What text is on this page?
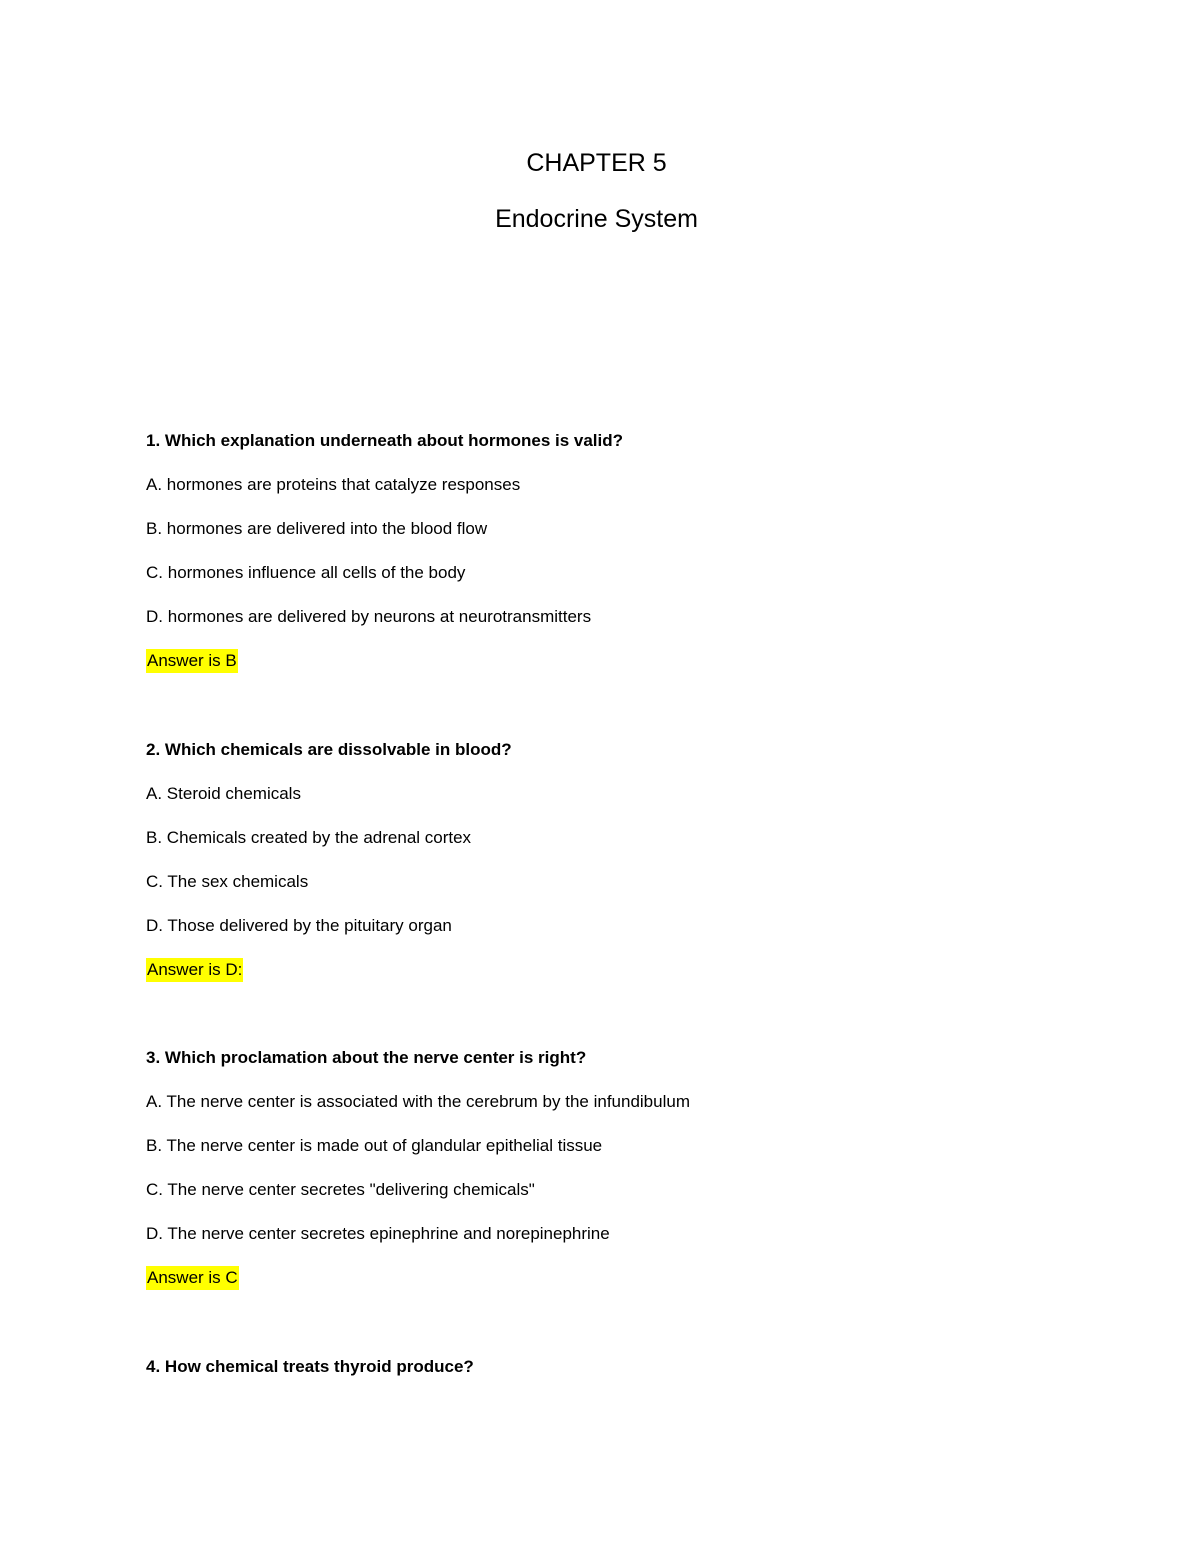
CHAPTER 5
Endocrine System
1. Which explanation underneath about hormones is valid?
A. hormones are proteins that catalyze responses
B. hormones are delivered into the blood flow
C. hormones influence all cells of the body
D. hormones are delivered by neurons at neurotransmitters
Answer is B
2. Which chemicals are dissolvable in blood?
A. Steroid chemicals
B. Chemicals created by the adrenal cortex
C. The sex chemicals
D. Those delivered by the pituitary organ
Answer is D:
3. Which proclamation about the nerve center is right?
A. The nerve center is associated with the cerebrum by the infundibulum
B. The nerve center is made out of glandular epithelial tissue
C. The nerve center secretes "delivering chemicals"
D. The nerve center secretes epinephrine and norepinephrine
Answer is C
4. How chemical treats thyroid produce?
